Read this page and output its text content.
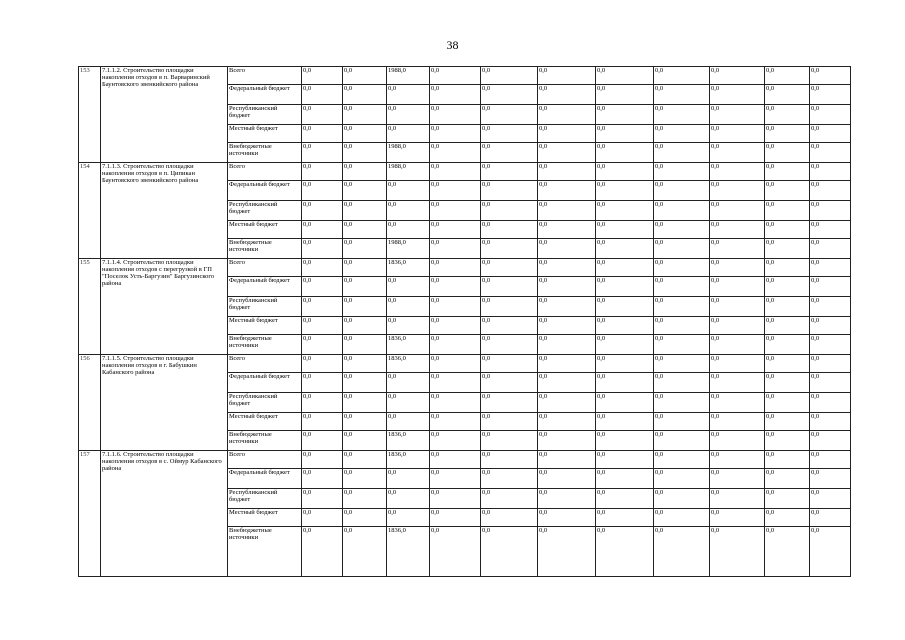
38
153	7.1.1.2. Строительство площадки накопления отходов в п. Варваринский Баунтовского эвенкийского района	Всего	0,0	0,0	1988,0	0,0	0,0	0,0	0,0	0,0	0,0	0,0	0,0
		Федеральный бюджет	0,0	0,0	0,0	0,0	0,0	0,0	0,0	0,0	0,0	0,0	0,0
		Республиканский бюджет	0,0	0,0	0,0	0,0	0,0	0,0	0,0	0,0	0,0	0,0	0,0
		Местный бюджет	0,0	0,0	0,0	0,0	0,0	0,0	0,0	0,0	0,0	0,0	0,0
		Внебюджетные источники	0,0	0,0	1988,0	0,0	0,0	0,0	0,0	0,0	0,0	0,0	0,0
154	7.1.1.3. Строительство площадки накопления отходов в п. Ципикан Баунтовского эвенкийского района	Всего	0,0	0,0	1988,0	0,0	0,0	0,0	0,0	0,0	0,0	0,0	0,0
		Федеральный бюджет	0,0	0,0	0,0	0,0	0,0	0,0	0,0	0,0	0,0	0,0	0,0
		Республиканский бюджет	0,0	0,0	0,0	0,0	0,0	0,0	0,0	0,0	0,0	0,0	0,0
		Местный бюджет	0,0	0,0	0,0	0,0	0,0	0,0	0,0	0,0	0,0	0,0	0,0
		Внебюджетные источники	0,0	0,0	1988,0	0,0	0,0	0,0	0,0	0,0	0,0	0,0	0,0
155	7.1.1.4. Строительство площадки накопления отходов с перегрузкой в ГП "Поселок Усть-Баргузин" Баргузинского района	Всего	0,0	0,0	1836,0	0,0	0,0	0,0	0,0	0,0	0,0	0,0	0,0
		Федеральный бюджет	0,0	0,0	0,0	0,0	0,0	0,0	0,0	0,0	0,0	0,0	0,0
		Республиканский бюджет	0,0	0,0	0,0	0,0	0,0	0,0	0,0	0,0	0,0	0,0	0,0
		Местный бюджет	0,0	0,0	0,0	0,0	0,0	0,0	0,0	0,0	0,0	0,0	0,0
		Внебюджетные источники	0,0	0,0	1836,0	0,0	0,0	0,0	0,0	0,0	0,0	0,0	0,0
156	7.1.1.5. Строительство площадки накопления отходов в г. Бабушкин Кабанского района	Всего	0,0	0,0	1836,0	0,0	0,0	0,0	0,0	0,0	0,0	0,0	0,0
		Федеральный бюджет	0,0	0,0	0,0	0,0	0,0	0,0	0,0	0,0	0,0	0,0	0,0
		Республиканский бюджет	0,0	0,0	0,0	0,0	0,0	0,0	0,0	0,0	0,0	0,0	0,0
		Местный бюджет	0,0	0,0	0,0	0,0	0,0	0,0	0,0	0,0	0,0	0,0	0,0
		Внебюджетные источники	0,0	0,0	1836,0	0,0	0,0	0,0	0,0	0,0	0,0	0,0	0,0
157	7.1.1.6. Строительство площадки накопления отходов в с. Оймур Кабанского района	Всего	0,0	0,0	1836,0	0,0	0,0	0,0	0,0	0,0	0,0	0,0	0,0
		Федеральный бюджет	0,0	0,0	0,0	0,0	0,0	0,0	0,0	0,0	0,0	0,0	0,0
		Республиканский бюджет	0,0	0,0	0,0	0,0	0,0	0,0	0,0	0,0	0,0	0,0	0,0
		Местный бюджет	0,0	0,0	0,0	0,0	0,0	0,0	0,0	0,0	0,0	0,0	0,0
		Внебюджетные источники	0,0	0,0	1836,0	0,0	0,0	0,0	0,0	0,0	0,0	0,0	0,0
